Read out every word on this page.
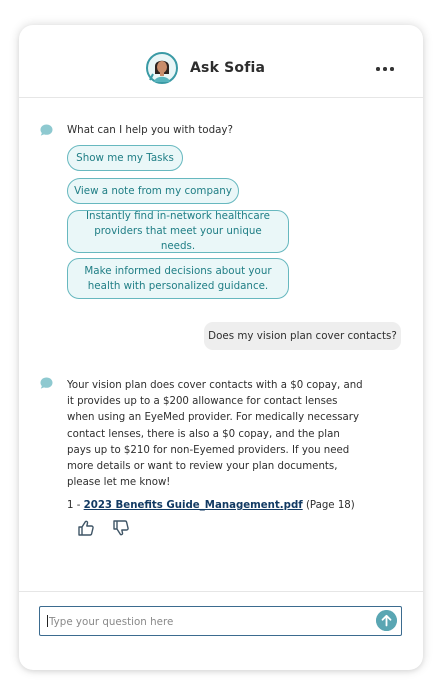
Ask Sofia
What can I help you with today?
Show me my Tasks
View a note from my company
Instantly find in-network healthcare providers that meet your unique needs.
Make informed decisions about your health with personalized guidance.
Does my vision plan cover contacts?
Your vision plan does cover contacts with a $0 copay, and it provides up to a $200 allowance for contact lenses when using an EyeMed provider. For medically necessary contact lenses, there is also a $0 copay, and the plan pays up to $210 for non-Eyemed providers. If you need more details or want to review your plan documents, please let me know!
1 - 2023 Benefits Guide_Management.pdf (Page 18)
Type your question here
